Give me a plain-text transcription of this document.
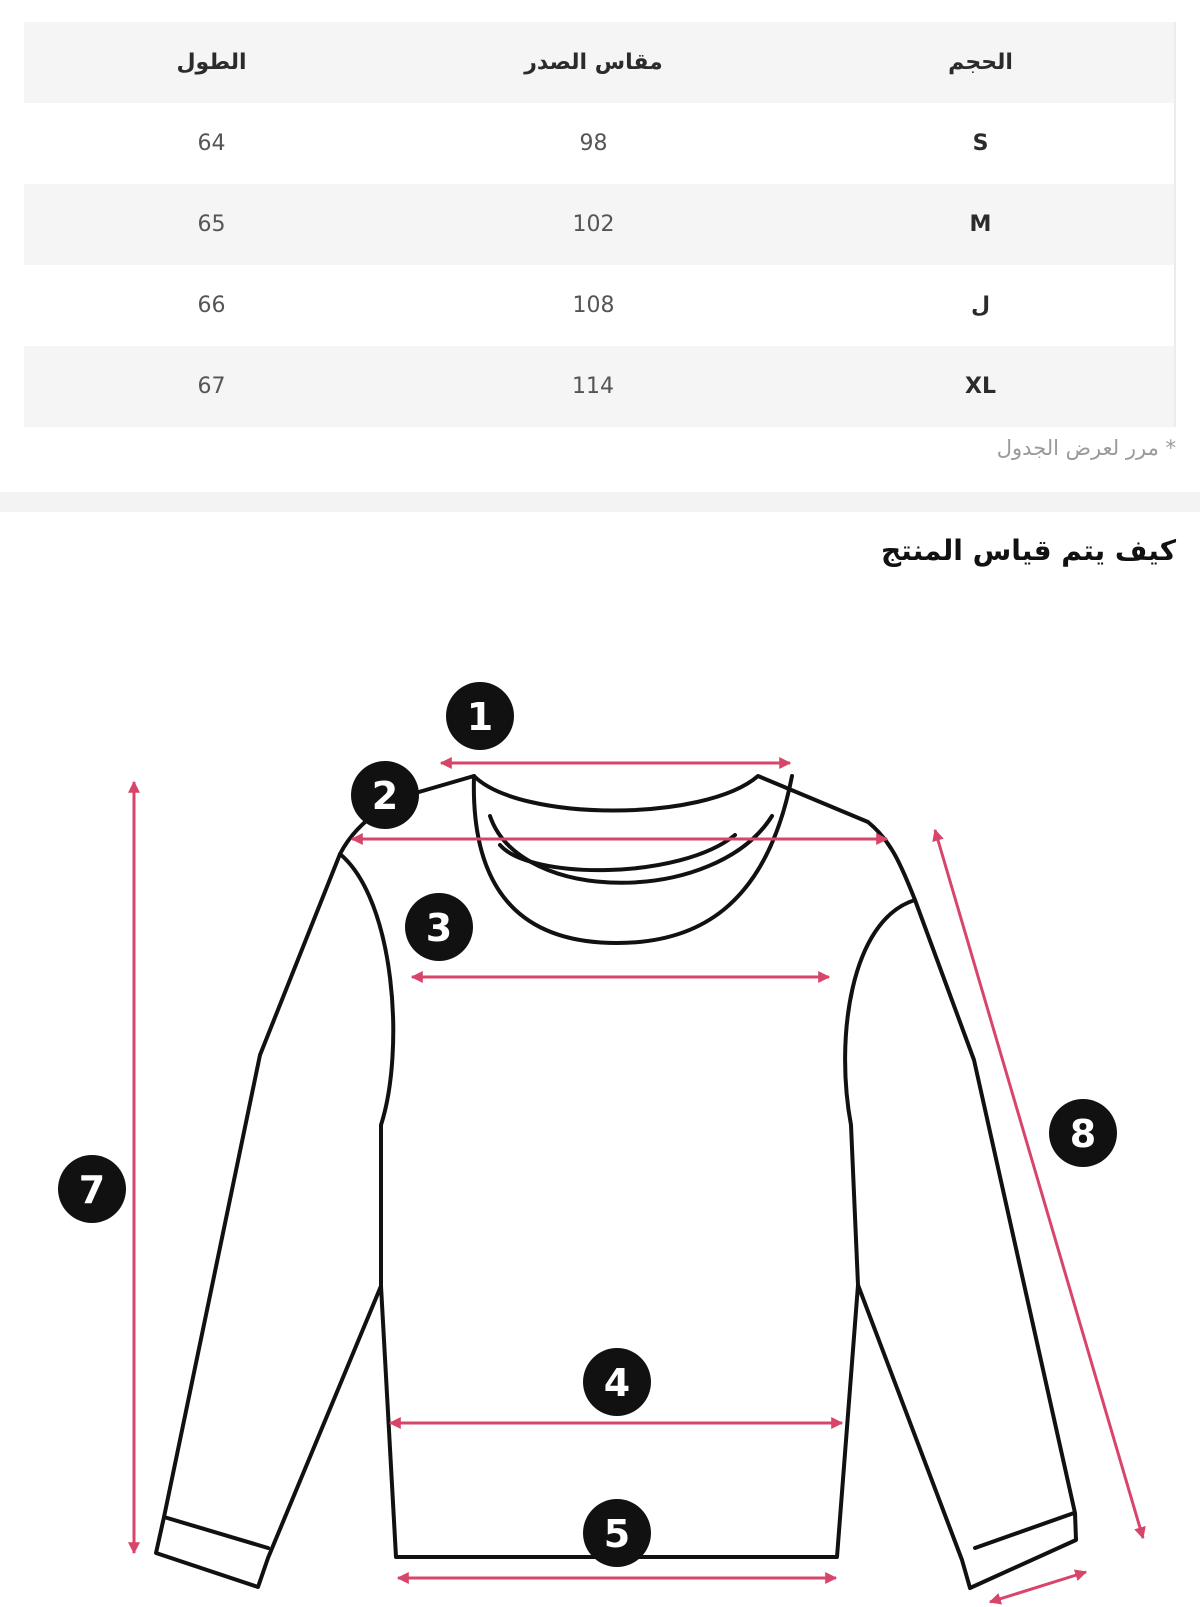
الحجم	مقاس الصدر	الطول
S	98	64
M	102	65
ل	108	66
XL	114	67
* مرر لعرض الجدول
كيف يتم قياس المنتج
1
2
3
4
5
7
8
